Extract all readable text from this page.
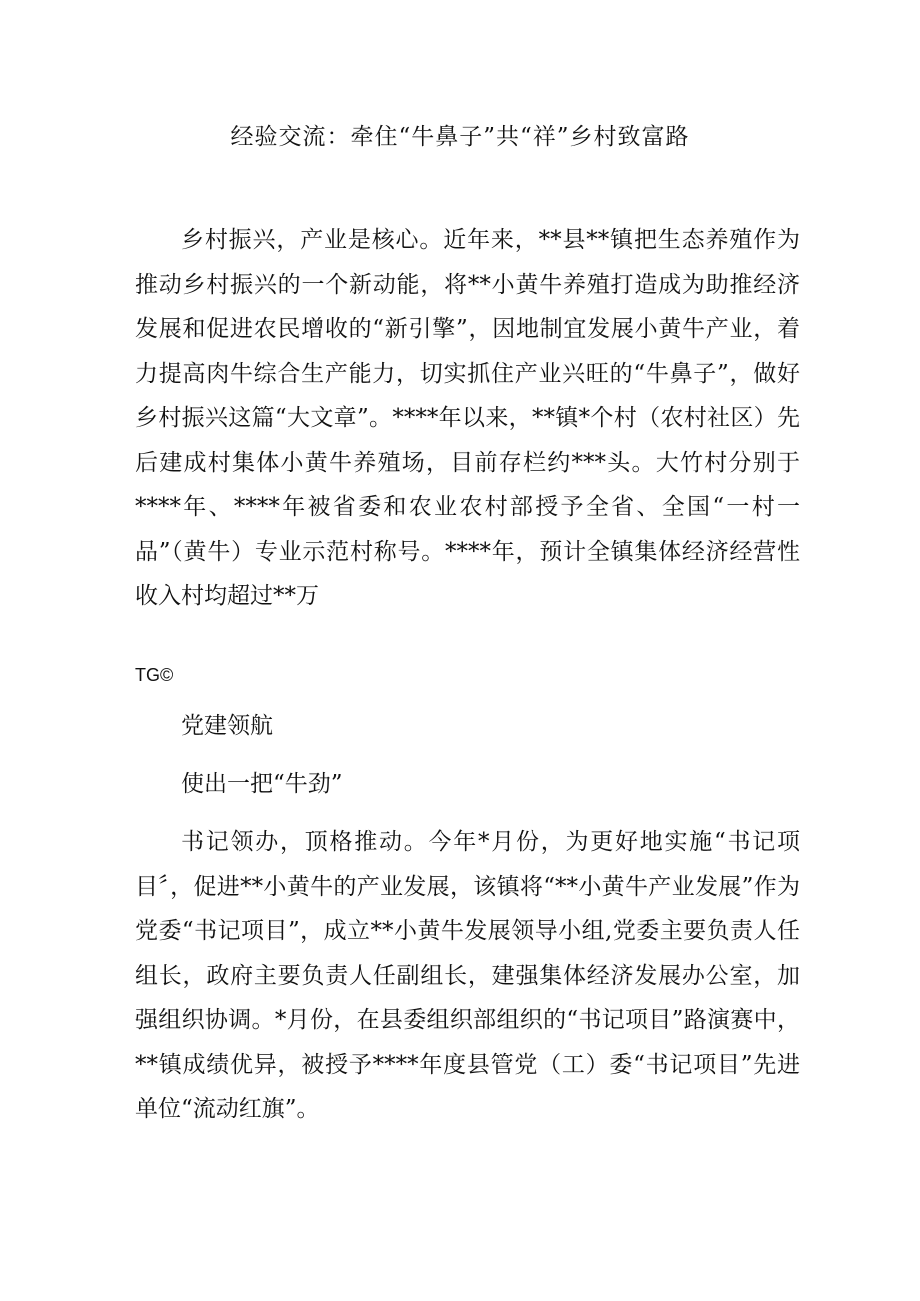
经验交流：牵住“牛鼻子”共“祥”乡村致富路

乡村振兴，产业是核心。近年来，**县**镇把生态养殖作为推动乡村振兴的一个新动能，将**小黄牛养殖打造成为助推经济发展和促进农民增收的“新引擎”，因地制宜发展小黄牛产业，着力提高肉牛综合生产能力，切实抓住产业兴旺的“牛鼻子”，做好乡村振兴这篇“大文章”。****年以来，**镇*个村（农村社区）先后建成村集体小黄牛养殖场，目前存栏约***头。大竹村分别于****年、****年被省委和农业农村部授予全省、全国“一村一品”（黄牛）专业示范村称号。****年，预计全镇集体经济经营性收入村均超过**万

TG©
党建领航
使出一把“牛劲”

书记领办，顶格推动。今年*月份，为更好地实施“书记项目〞，促进**小黄牛的产业发展，该镇将“**小黄牛产业发展”作为党委“书记项目”，成立**小黄牛发展领导小组,党委主要负责人任组长，政府主要负责人任副组长，建强集体经济发展办公室，加强组织协调。*月份，在县委组织部组织的“书记项目”路演赛中，**镇成绩优异，被授予****年度县管党（工）委“书记项目”先进单位“流动红旗”。
